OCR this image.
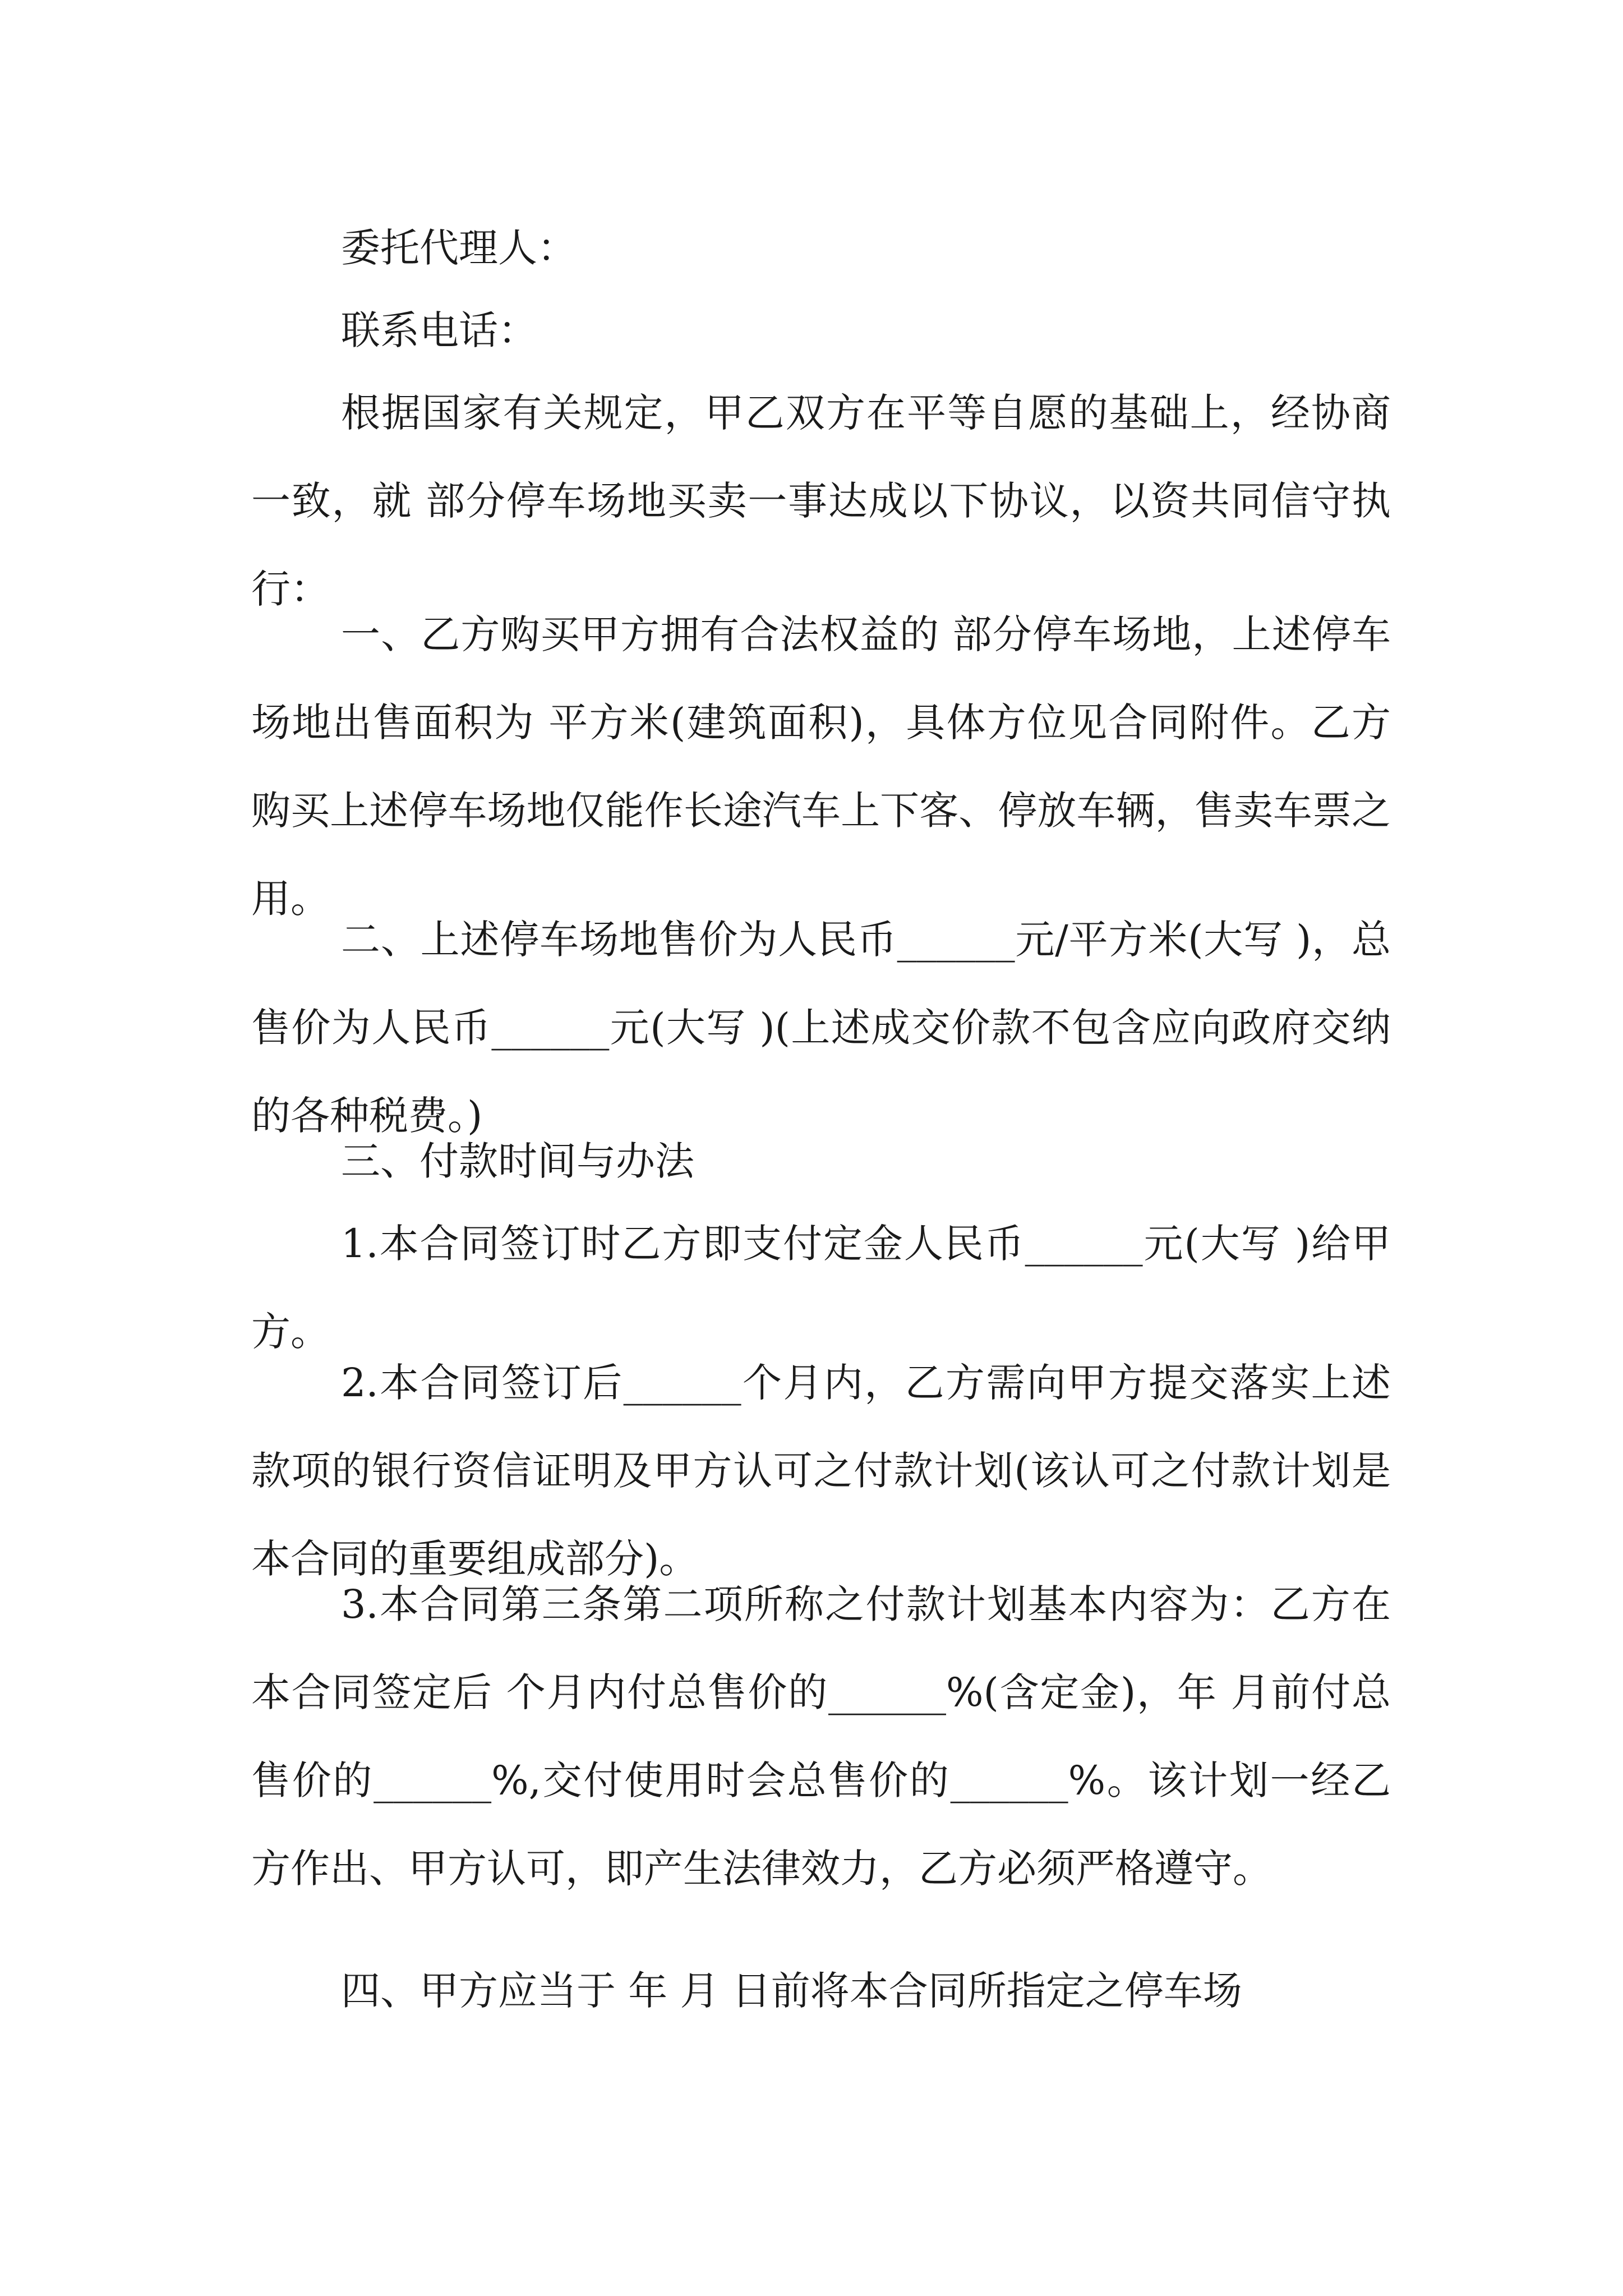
委托代理人：

联系电话：

根据国家有关规定，甲乙双方在平等自愿的基础上，经协商一致，就 部分停车场地买卖一事达成以下协议，以资共同信守执行：

一、乙方购买甲方拥有合法权益的 部分停车场地，上述停车场地出售面积为 平方米(建筑面积)，具体方位见合同附件。乙方购买上述停车场地仅能作长途汽车上下客、停放车辆，售卖车票之用。

二、上述停车场地售价为人民币______元/平方米(大写 )，总售价为人民币______元(大写 )(上述成交价款不包含应向政府交纳的各种税费。)

三、付款时间与办法

1.本合同签订时乙方即支付定金人民币______元(大写 )给甲方。

2.本合同签订后______个月内，乙方需向甲方提交落实上述款项的银行资信证明及甲方认可之付款计划(该认可之付款计划是本合同的重要组成部分)。

3.本合同第三条第二项所称之付款计划基本内容为：乙方在本合同签定后 个月内付总售价的______%(含定金)，年 月前付总售价的______%,交付使用时会总售价的______%。该计划一经乙方作出、甲方认可，即产生法律效力，乙方必须严格遵守。

四、甲方应当于 年 月 日前将本合同所指定之停车场
